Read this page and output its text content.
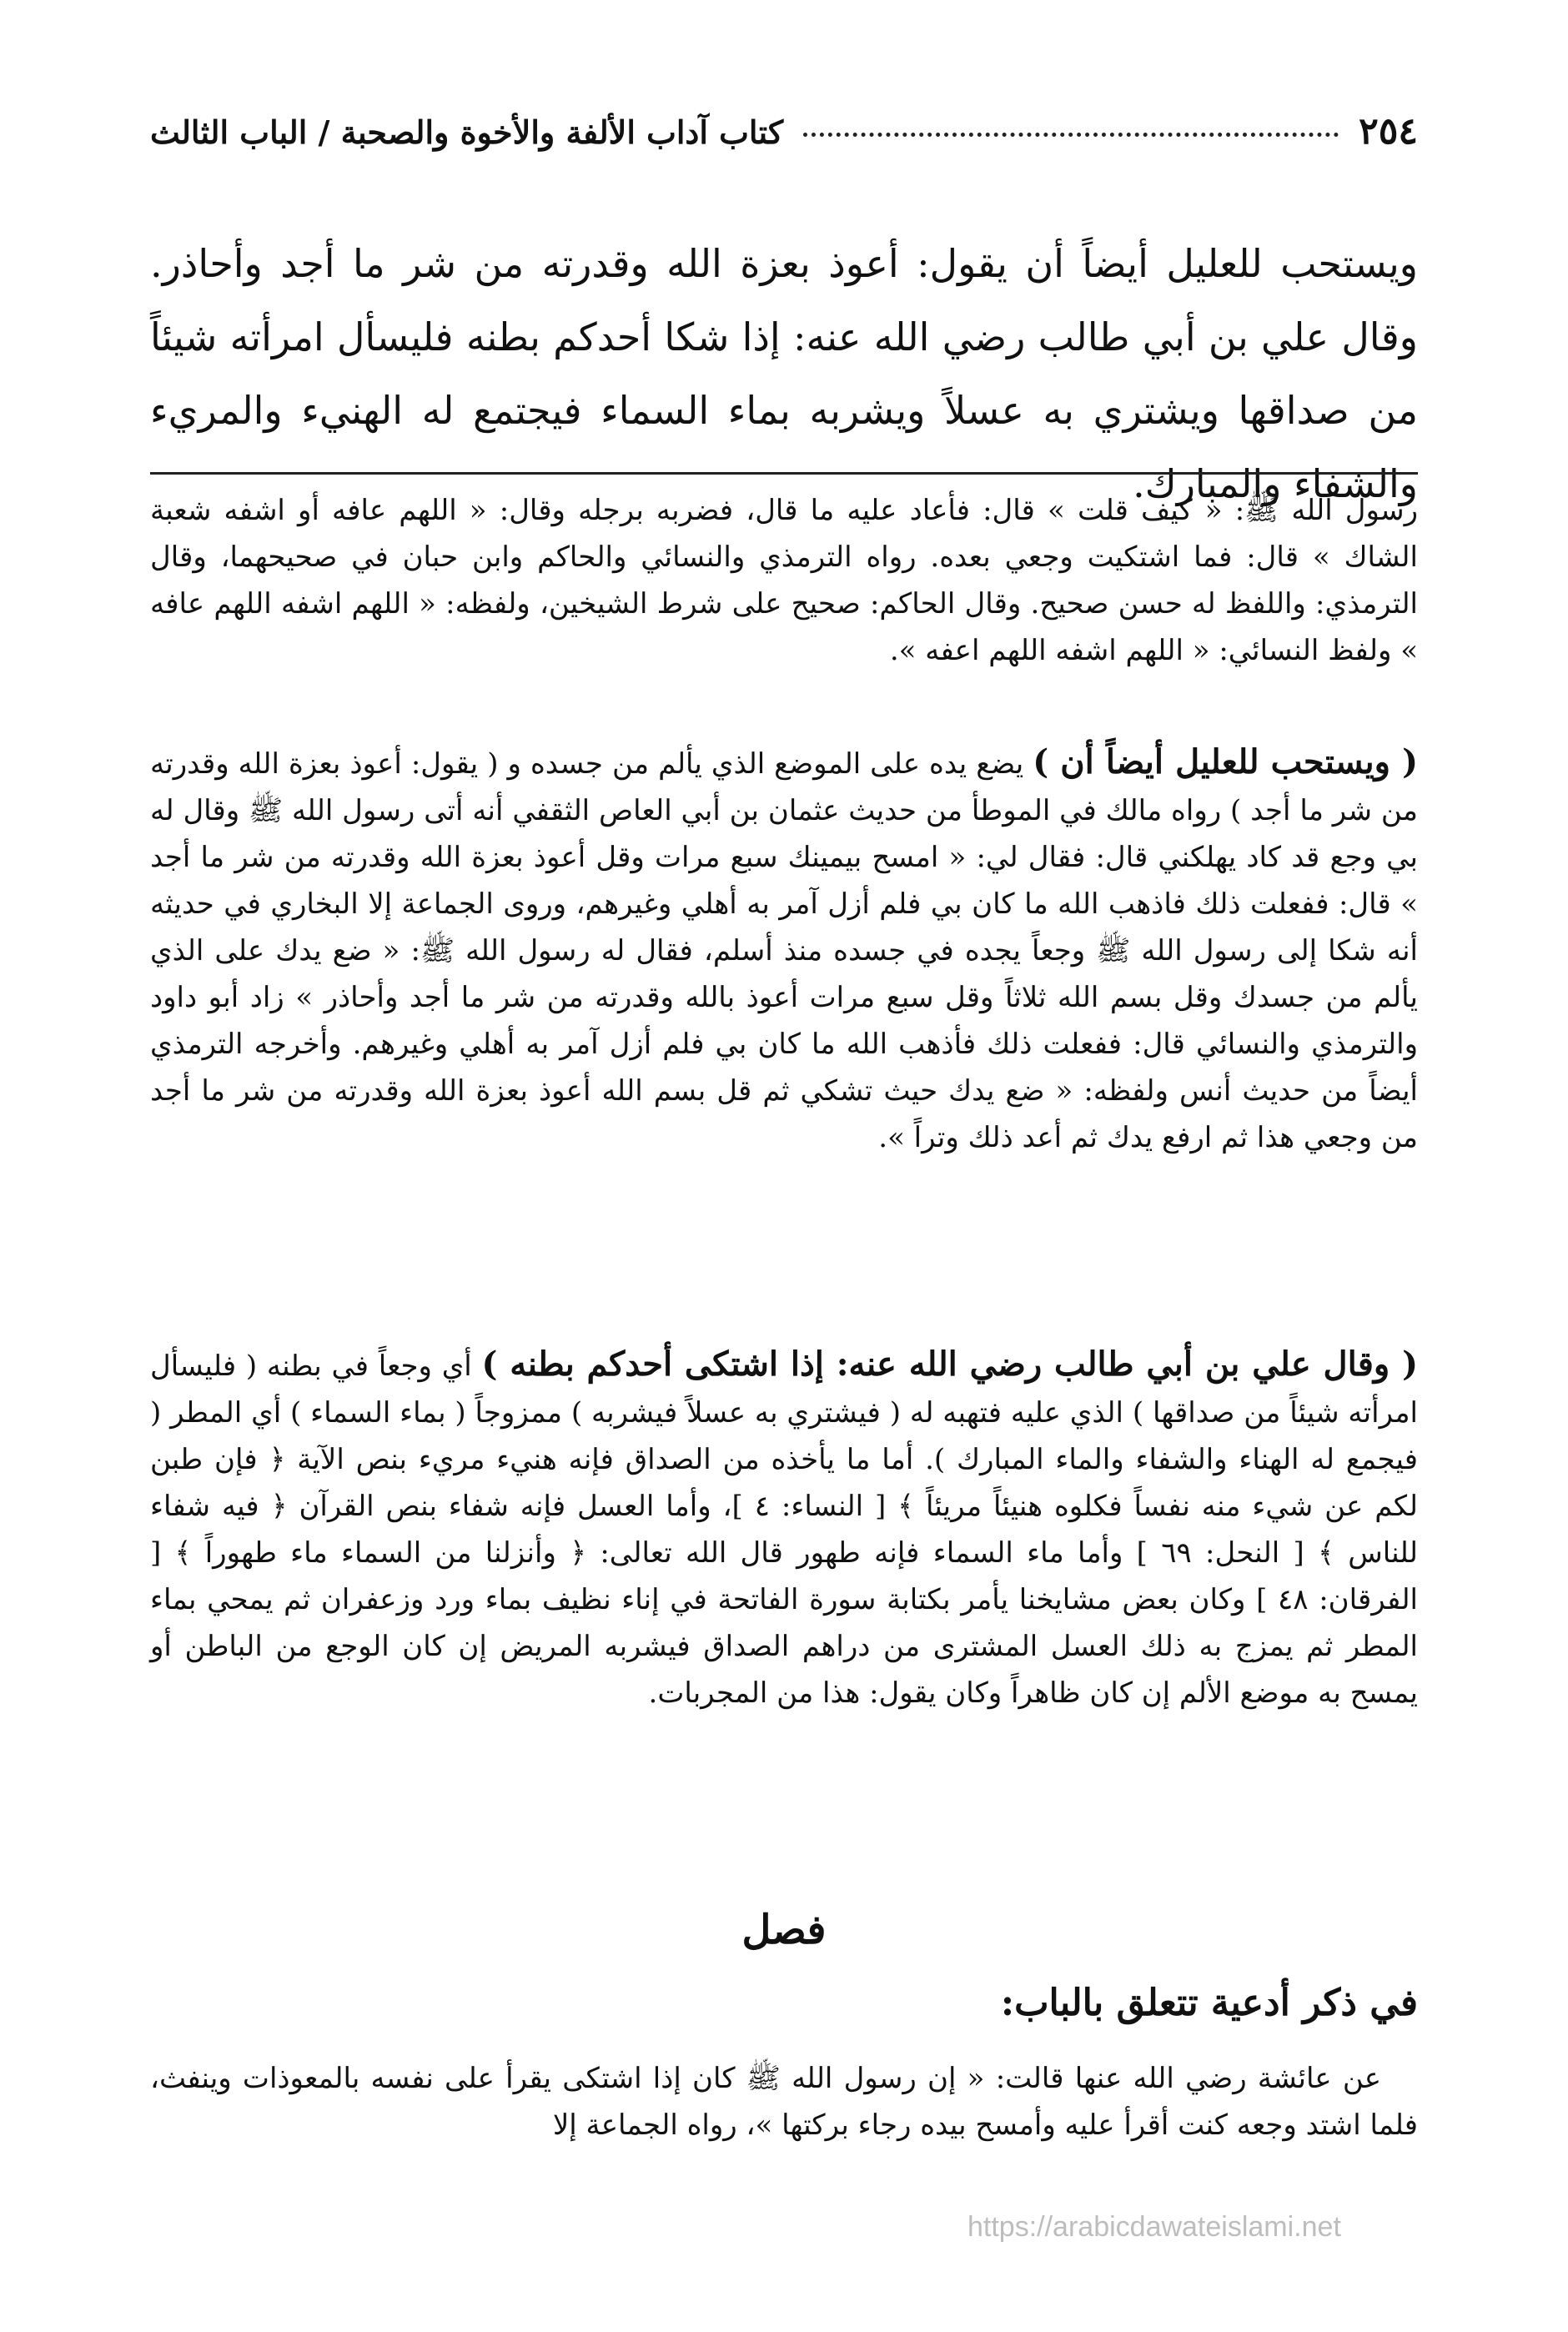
٢٥٤
كتاب آداب الألفة والأخوة والصحبة / الباب الثالث

ويستحب للعليل أيضاً أن يقول: أعوذ بعزة الله وقدرته من شر ما أجد وأحاذر. وقال علي بن أبي طالب رضي الله عنه: إذا شكا أحدكم بطنه فليسأل امرأته شيئاً من صداقها ويشتري به عسلاً ويشربه بماء السماء فيجتمع له الهنيء والمريء والشفاء والمبارك.

رسول الله ﷺ: « كيف قلت » قال: فأعاد عليه ما قال، فضربه برجله وقال: « اللهم عافه أو اشفه شعبة الشاك » قال: فما اشتكيت وجعي بعده. رواه الترمذي والنسائي والحاكم وابن حبان في صحيحهما، وقال الترمذي: واللفظ له حسن صحيح. وقال الحاكم: صحيح على شرط الشيخين، ولفظه: « اللهم اشفه اللهم عافه » ولفظ النسائي: « اللهم اشفه اللهم اعفه ».

( ويستحب للعليل أيضاً أن ) يضع يده على الموضع الذي يألم من جسده و ( يقول: أعوذ بعزة الله وقدرته من شر ما أجد ) رواه مالك في الموطأ من حديث عثمان بن أبي العاص الثقفي أنه أتى رسول الله ﷺ وقال له بي وجع قد كاد يهلكني قال: فقال لي: « امسح بيمينك سبع مرات وقل أعوذ بعزة الله وقدرته من شر ما أجد » قال: ففعلت ذلك فاذهب الله ما كان بي فلم أزل آمر به أهلي وغيرهم، وروى الجماعة إلا البخاري في حديثه أنه شكا إلى رسول الله ﷺ وجعاً يجده في جسده منذ أسلم، فقال له رسول الله ﷺ: « ضع يدك على الذي يألم من جسدك وقل بسم الله ثلاثاً وقل سبع مرات أعوذ بالله وقدرته من شر ما أجد وأحاذر » زاد أبو داود والترمذي والنسائي قال: ففعلت ذلك فأذهب الله ما كان بي فلم أزل آمر به أهلي وغيرهم. وأخرجه الترمذي أيضاً من حديث أنس ولفظه: « ضع يدك حيث تشكي ثم قل بسم الله أعوذ بعزة الله وقدرته من شر ما أجد من وجعي هذا ثم ارفع يدك ثم أعد ذلك وتراً ».

( وقال علي بن أبي طالب رضي الله عنه: إذا اشتكى أحدكم بطنه ) أي وجعاً في بطنه ( فليسأل امرأته شيئاً من صداقها ) الذي عليه فتهبه له ( فيشتري به عسلاً فيشربه ) ممزوجاً ( بماء السماء ) أي المطر ( فيجمع له الهناء والشفاء والماء المبارك ). أما ما يأخذه من الصداق فإنه هنيء مريء بنص الآية ﴿ فإن طبن لكم عن شيء منه نفساً فكلوه هنيئاً مريئاً ﴾ [ النساء: ٤ ]، وأما العسل فإنه شفاء بنص القرآن ﴿ فيه شفاء للناس ﴾ [ النحل: ٦٩ ] وأما ماء السماء فإنه طهور قال الله تعالى: ﴿ وأنزلنا من السماء ماء طهوراً ﴾ [ الفرقان: ٤٨ ] وكان بعض مشايخنا يأمر بكتابة سورة الفاتحة في إناء نظيف بماء ورد وزعفران ثم يمحي بماء المطر ثم يمزج به ذلك العسل المشترى من دراهم الصداق فيشربه المريض إن كان الوجع من الباطن أو يمسح به موضع الألم إن كان ظاهراً وكان يقول: هذا من المجربات.

فصل
في ذكر أدعية تتعلق بالباب:

عن عائشة رضي الله عنها قالت: « إن رسول الله ﷺ كان إذا اشتكى يقرأ على نفسه بالمعوذات وينفث، فلما اشتد وجعه كنت أقرأ عليه وأمسح بيده رجاء بركتها »، رواه الجماعة إلا

https://arabicdawateislami.net
